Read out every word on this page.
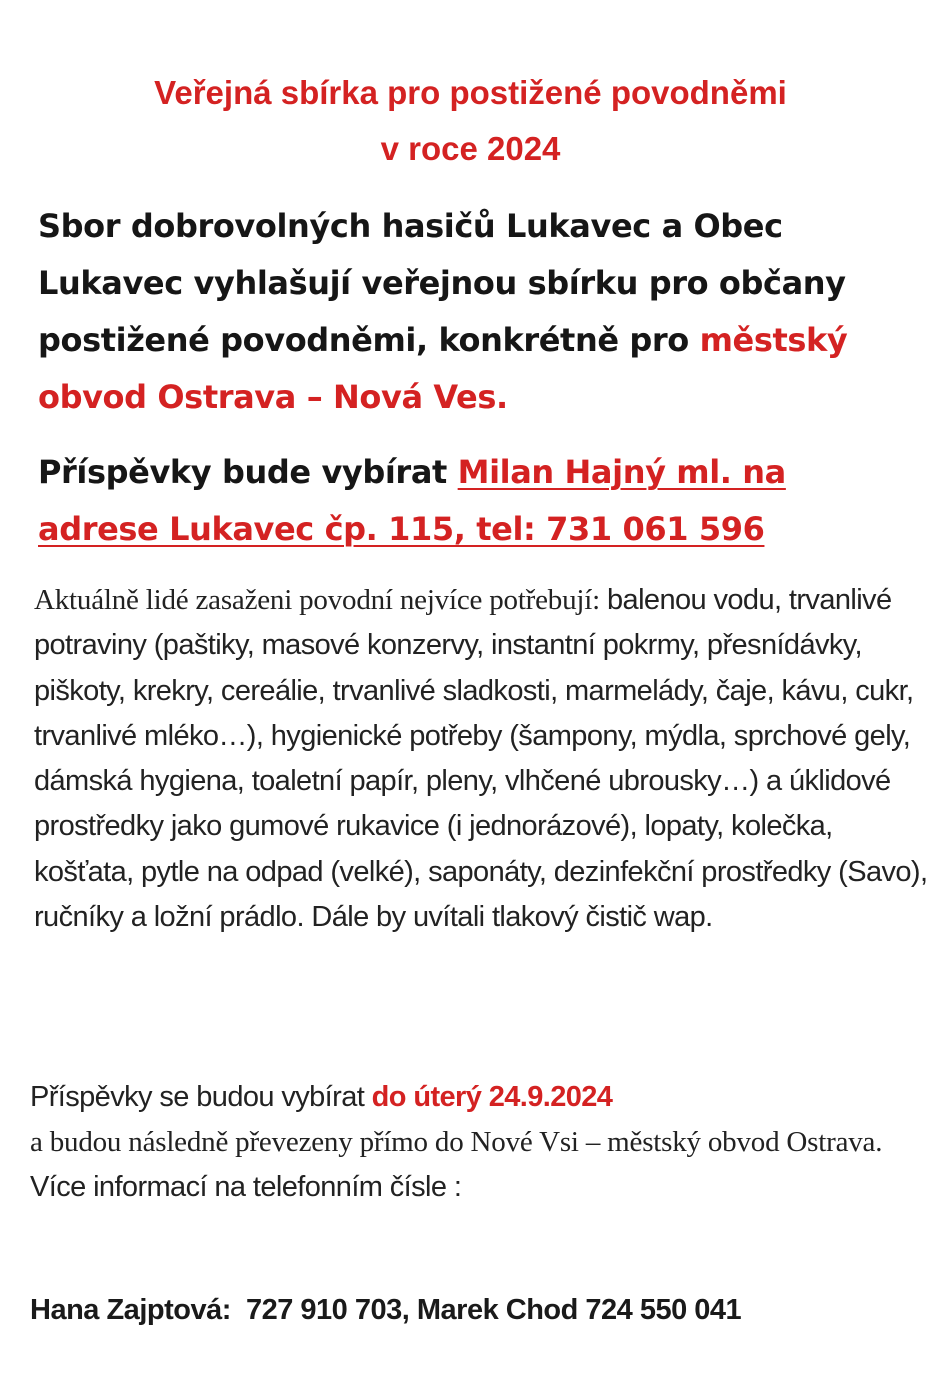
Veřejná sbírka pro postižené povodněmi
v roce 2024
Sbor dobrovolných hasičů Lukavec a Obec
Lukavec vyhlašují veřejnou sbírku pro občany
postižené povodněmi, konkrétně pro městský
obvod Ostrava – Nová Ves.
Příspěvky bude vybírat Milan Hajný ml. na
adrese Lukavec čp. 115, tel: 731 061 596
Aktuálně lidé zasaženi povodní nejvíce potřebují: balenou vodu, trvanlivé potraviny (paštiky, masové konzervy, instantní pokrmy, přesnídávky, piškoty, krekry, cereálie, trvanlivé sladkosti, marmelády, čaje, kávu, cukr, trvanlivé mléko…), hygienické potřeby (šampony, mýdla, sprchové gely, dámská hygiena, toaletní papír, pleny, vlhčené ubrousky…) a úklidové prostředky jako gumové rukavice (i jednorázové), lopaty, kolečka, košťata, pytle na odpad (velké), saponáty, dezinfekční prostředky (Savo), ručníky a ložní prádlo. Dále by uvítali tlakový čistič wap.
Příspěvky se budou vybírat do úterý 24.9.2024
a budou následně převezeny přímo do Nové Vsi – městský obvod Ostrava.
Více informací na telefonním čísle :
Hana Zajptová:  727 910 703, Marek Chod 724 550 041
